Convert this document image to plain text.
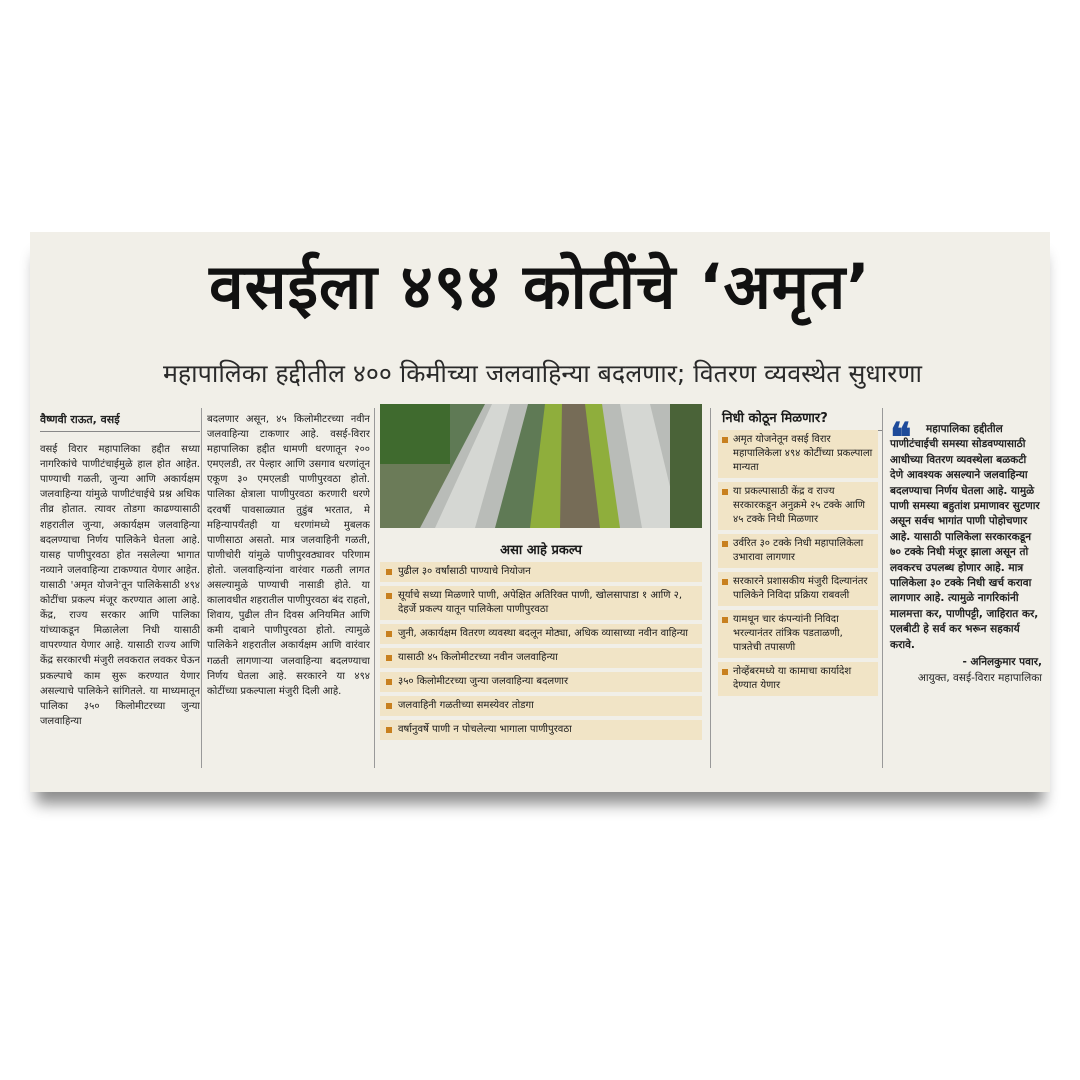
वसईला ४९४ कोटींचे ‘अमृत’
महापालिका हद्दीतील ४०० किमीच्या जलवाहिन्या बदलणार; वितरण व्यवस्थेत सुधारणा
वैष्णवी राऊत, वसई
वसई विरार महापालिका हद्दीत सध्या नागरिकांचे पाणीटंचाईमुळे हाल होत आहेत. पाण्याची गळती, जुन्या आणि अकार्यक्षम जलवाहिन्या यांमुळे पाणीटंचाईचे प्रश्न अधिक तीव्र होतात. त्यावर तोडगा काढण्यासाठी शहरातील जुन्या, अकार्यक्षम जलवाहिन्या बदलण्याचा निर्णय पालिकेने घेतला आहे. यासह पाणीपुरवठा होत नसलेल्या भागात नव्याने जलवाहिन्या टाकण्यात येणार आहेत. यासाठी 'अमृत योजने'तून पालिकेसाठी ४९४ कोटींचा प्रकल्प मंजूर करण्यात आला आहे. केंद्र, राज्य सरकार आणि पालिका यांच्याकडून मिळालेला निधी यासाठी वापरण्यात येणार आहे. यासाठी राज्य आणि केंद्र सरकारची मंजुरी लवकरात लवकर घेऊन प्रकल्पाचे काम सुरू करण्यात येणार असल्याचे पालिकेने सांगितले. या माध्यमातून पालिका ३५० किलोमीटरच्या जुन्या जलवाहिन्या
बदलणार असून, ४५ किलोमीटरच्या नवीन जलवाहिन्या टाकणार आहे. वसई-विरार महापालिका हद्दीत धामणी धरणातून २०० एमएलडी, तर पेल्हार आणि उसगाव धरणांतून एकूण ३० एमएलडी पाणीपुरवठा होतो. पालिका क्षेत्राला पाणीपुरवठा करणारी धरणे दरवर्षी पावसाळ्यात तुडुंब भरतात, मे महिन्यापर्यंतही या धरणांमध्ये मुबलक पाणीसाठा असतो. मात्र जलवाहिनी गळती, पाणीचोरी यांमुळे पाणीपुरवठ्यावर परिणाम होतो. जलवाहिन्यांना वारंवार गळती लागत असल्यामुळे पाण्याची नासाडी होते. या कालावधीत शहरातील पाणीपुरवठा बंद राहतो, शिवाय, पुढील तीन दिवस अनियमित आणि कमी दाबाने पाणीपुरवठा होतो. त्यामुळे पालिकेने शहरातील अकार्यक्षम आणि वारंवार गळती लागणाऱ्या जलवाहिन्या बदलण्याचा निर्णय घेतला आहे. सरकारने या ४९४ कोटींच्या प्रकल्पाला मंजुरी दिली आहे.
असा आहे प्रकल्प
पुढील ३० वर्षांसाठी पाण्याचे नियोजन
सूर्याचे सध्या मिळणारे पाणी, अपेक्षित अतिरिक्त पाणी, खोलसापाडा १ आणि २, देहर्जे प्रकल्प यातून पालिकेला पाणीपुरवठा
जुनी, अकार्यक्षम वितरण व्यवस्था बदलून मोठ्या, अधिक व्यासाच्या नवीन वाहिन्या
यासाठी ४५ किलोमीटरच्या नवीन जलवाहिन्या
३५० किलोमीटरच्या जुन्या जलवाहिन्या बदलणार
जलवाहिनी गळतीच्या समस्येवर तोडगा
वर्षानुवर्षे पाणी न पोचलेल्या भागाला पाणीपुरवठा
निधी कोठून मिळणार?
अमृत योजनेतून वसई विरार महापालिकेला ४९४ कोटींच्या प्रकल्पाला मान्यता
या प्रकल्पासाठी केंद्र व राज्य सरकारकडून अनुक्रमे २५ टक्के आणि ४५ टक्के निधी मिळणार
उर्वरित ३० टक्के निधी महापालिकेला उभारावा लागणार
सरकारने प्रशासकीय मंजुरी दिल्यानंतर पालिकेने निविदा प्रक्रिया राबवली
यामधून चार कंपन्यांनी निविदा भरल्यानंतर तांत्रिक पडताळणी, पात्रतेची तपासणी
नोव्हेंबरमध्ये या कामाचा कार्यादेश देण्यात येणार
❝	महापालिका हद्दीतील पाणीटंचाईची समस्या सोडवण्यासाठी आधीच्या वितरण व्यवस्थेला बळकटी देणे आवश्यक असल्याने जलवाहिन्या बदलण्याचा निर्णय घेतला आहे. यामुळे पाणी समस्या बहुतांश प्रमाणावर सुटणार असून सर्वच भागांत पाणी पोहोचणार आहे. यासाठी पालिकेला सरकारकडून ७० टक्के निधी मंजूर झाला असून तो लवकरच उपलब्ध होणार आहे. मात्र पालिकेला ३० टक्के निधी खर्च करावा लागणार आहे. त्यामुळे नागरिकांनी मालमत्ता कर, पाणीपट्टी, जाहिरात कर, एलबीटी हे सर्व कर भरून सहकार्य करावे.
- अनिलकुमार पवार,
आयुक्त, वसई-विरार महापालिका
